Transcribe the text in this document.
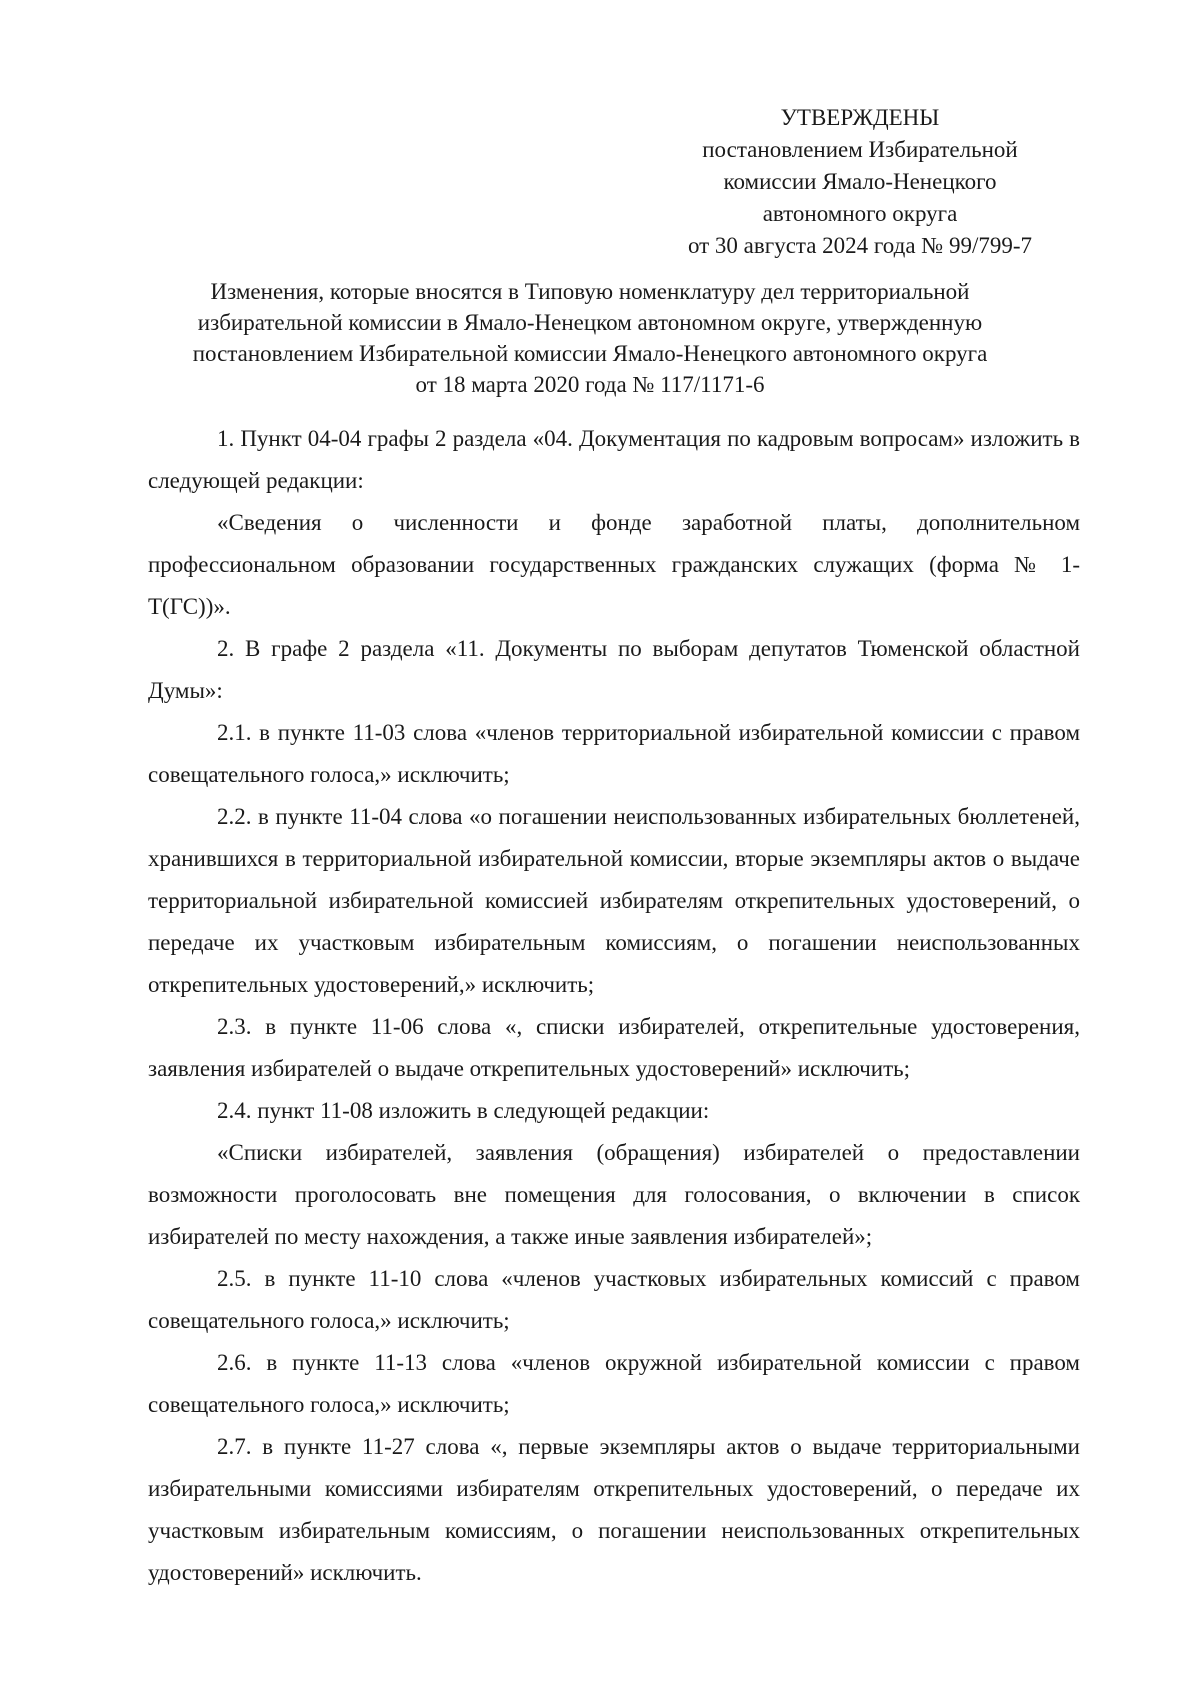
УТВЕРЖДЕНЫ
постановлением Избирательной
комиссии Ямало-Ненецкого
автономного округа
от 30 августа 2024 года № 99/799-7
Изменения, которые вносятся в Типовую номенклатуру дел территориальной
избирательной комиссии в Ямало-Ненецком автономном округе, утвержденную
постановлением Избирательной комиссии Ямало-Ненецкого автономного округа
от 18 марта 2020 года № 117/1171-6

1. Пункт 04-04 графы 2 раздела «04. Документация по кадровым вопросам» изложить в следующей редакции:

«Сведения о численности и фонде заработной платы, дополнительном профессиональном образовании государственных гражданских служащих (форма № 1-Т(ГС))».

2. В графе 2 раздела «11. Документы по выборам депутатов Тюменской областной Думы»:

2.1. в пункте 11-03 слова «членов территориальной избирательной комиссии с правом совещательного голоса,» исключить;

2.2. в пункте 11-04 слова «о погашении неиспользованных избирательных бюллетеней, хранившихся в территориальной избирательной комиссии, вторые экземпляры актов о выдаче территориальной избирательной комиссией избирателям открепительных удостоверений, о передаче их участковым избирательным комиссиям, о погашении неиспользованных открепительных удостоверений,» исключить;

2.3. в пункте 11-06 слова «, списки избирателей, открепительные удостоверения, заявления избирателей о выдаче открепительных удостоверений» исключить;

2.4. пункт 11-08 изложить в следующей редакции:

«Списки избирателей, заявления (обращения) избирателей о предоставлении возможности проголосовать вне помещения для голосования, о включении в список избирателей по месту нахождения, а также иные заявления избирателей»;

2.5. в пункте 11-10 слова «членов участковых избирательных комиссий с правом совещательного голоса,» исключить;

2.6. в пункте 11-13 слова «членов окружной избирательной комиссии с правом совещательного голоса,» исключить;

2.7. в пункте 11-27 слова «, первые экземпляры актов о выдаче территориальными избирательными комиссиями избирателям открепительных удостоверений, о передаче их участковым избирательным комиссиям, о погашении неиспользованных открепительных удостоверений» исключить.
